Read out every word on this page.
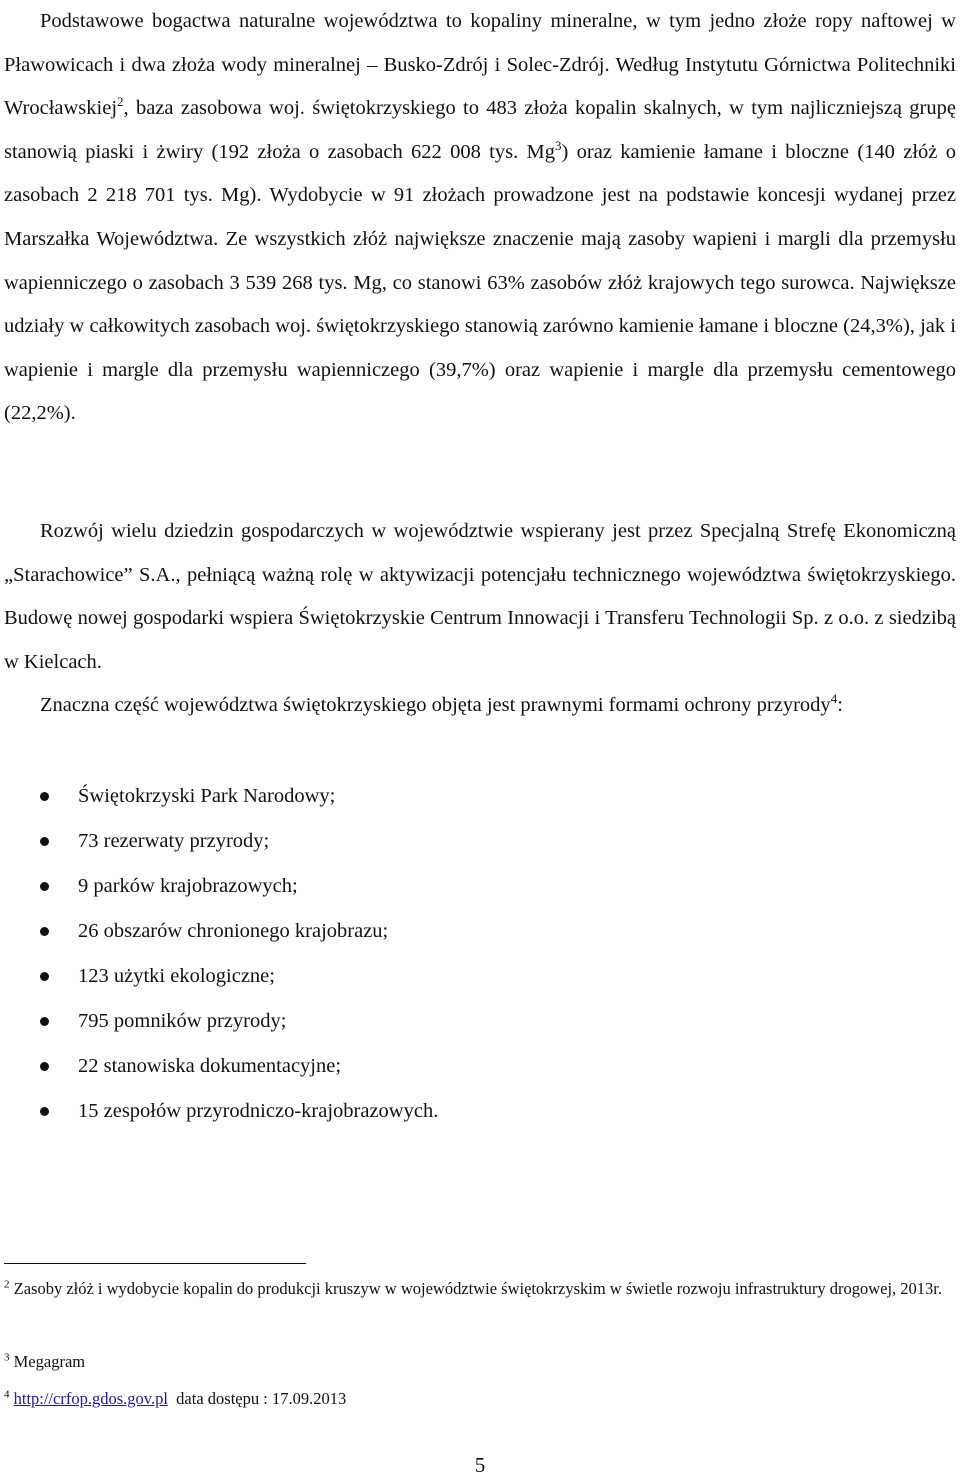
Podstawowe bogactwa naturalne województwa to kopaliny mineralne, w tym jedno złoże ropy naftowej w Pławowicach i dwa złoża wody mineralnej – Busko-Zdrój i Solec-Zdrój. Według Instytutu Górnictwa Politechniki Wrocławskiej$^2$, baza zasobowa woj. świętokrzyskiego to 483 złoża kopalin skalnych, w tym najliczniejszą grupę stanowią piaski i żwiry (192 złoża o zasobach 622 008 tys. Mg$^3$) oraz kamienie łamane i bloczne (140 złóż o zasobach 2 218 701 tys. Mg). Wydobycie w 91 złożach prowadzone jest na podstawie koncesji wydanej przez Marszałka Województwa. Ze wszystkich złóż największe znaczenie mają zasoby wapieni i margli dla przemysłu wapienniczego o zasobach 3 539 268 tys. Mg, co stanowi 63% zasobów złóż krajowych tego surowca. Największe udziały w całkowitych zasobach woj. świętokrzyskiego stanowią zarówno kamienie łamane i bloczne (24,3%), jak i wapienie i margle dla przemysłu wapienniczego (39,7%) oraz wapienie i margle dla przemysłu cementowego (22,2%).

Rozwój wielu dziedzin gospodarczych w województwie wspierany jest przez Specjalną Strefę Ekonomiczną „Starachowice” S.A., pełniącą ważną rolę w aktywizacji potencjału technicznego województwa świętokrzyskiego. Budowę nowej gospodarki wspiera Świętokrzyskie Centrum Innowacji i Transferu Technologii Sp. z o.o. z siedzibą w Kielcach.

Znaczna część województwa świętokrzyskiego objęta jest prawnymi formami ochrony przyrody$^4$:

Świętokrzyski Park Narodowy;
73 rezerwaty przyrody;
9 parków krajobrazowych;
26 obszarów chronionego krajobrazu;
123 użytki ekologiczne;
795 pomników przyrody;
22 stanowiska dokumentacyjne;
15 zespołów przyrodniczo-krajobrazowych.
$^2$ Zasoby złóż i wydobycie kopalin do produkcji kruszyw w województwie świętokrzyskim w świetle rozwoju infrastruktury drogowej, 2013r.
$^3$ Megagram
$^4$ http://crfop.gdos.gov.pl  data dostępu : 17.09.2013
5
